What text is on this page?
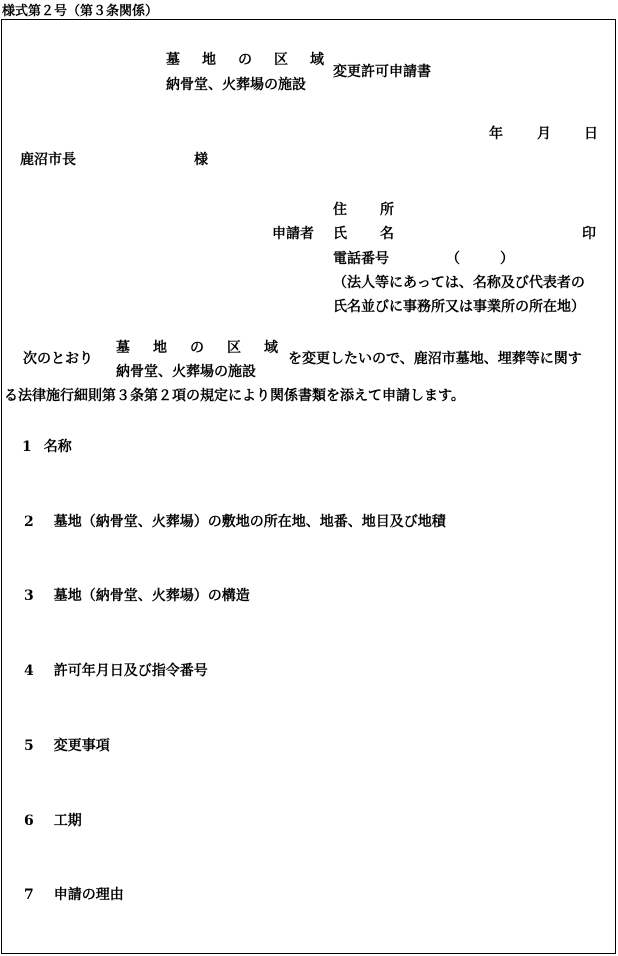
様式第２号（第３条関係）
墓 地 の 区 域
納骨堂、火葬場の施設
変更許可申請書
年 月 日
鹿沼市長	様
申請者
住 所
氏 名	印
電話番号	（　　）
（法人等にあっては、名称及び代表者の
氏名並びに事務所又は事業所の所在地）
次のとおり
墓 地 の 区 域
納骨堂、火葬場の施設
を変更したいので、鹿沼市墓地、埋葬等に関す
る法律施行細則第３条第２項の規定により関係書類を添えて申請します。
1 名称
2 墓地（納骨堂、火葬場）の敷地の所在地、地番、地目及び地積
3 墓地（納骨堂、火葬場）の構造
4 許可年月日及び指令番号
5 変更事項
6 工期
7 申請の理由
